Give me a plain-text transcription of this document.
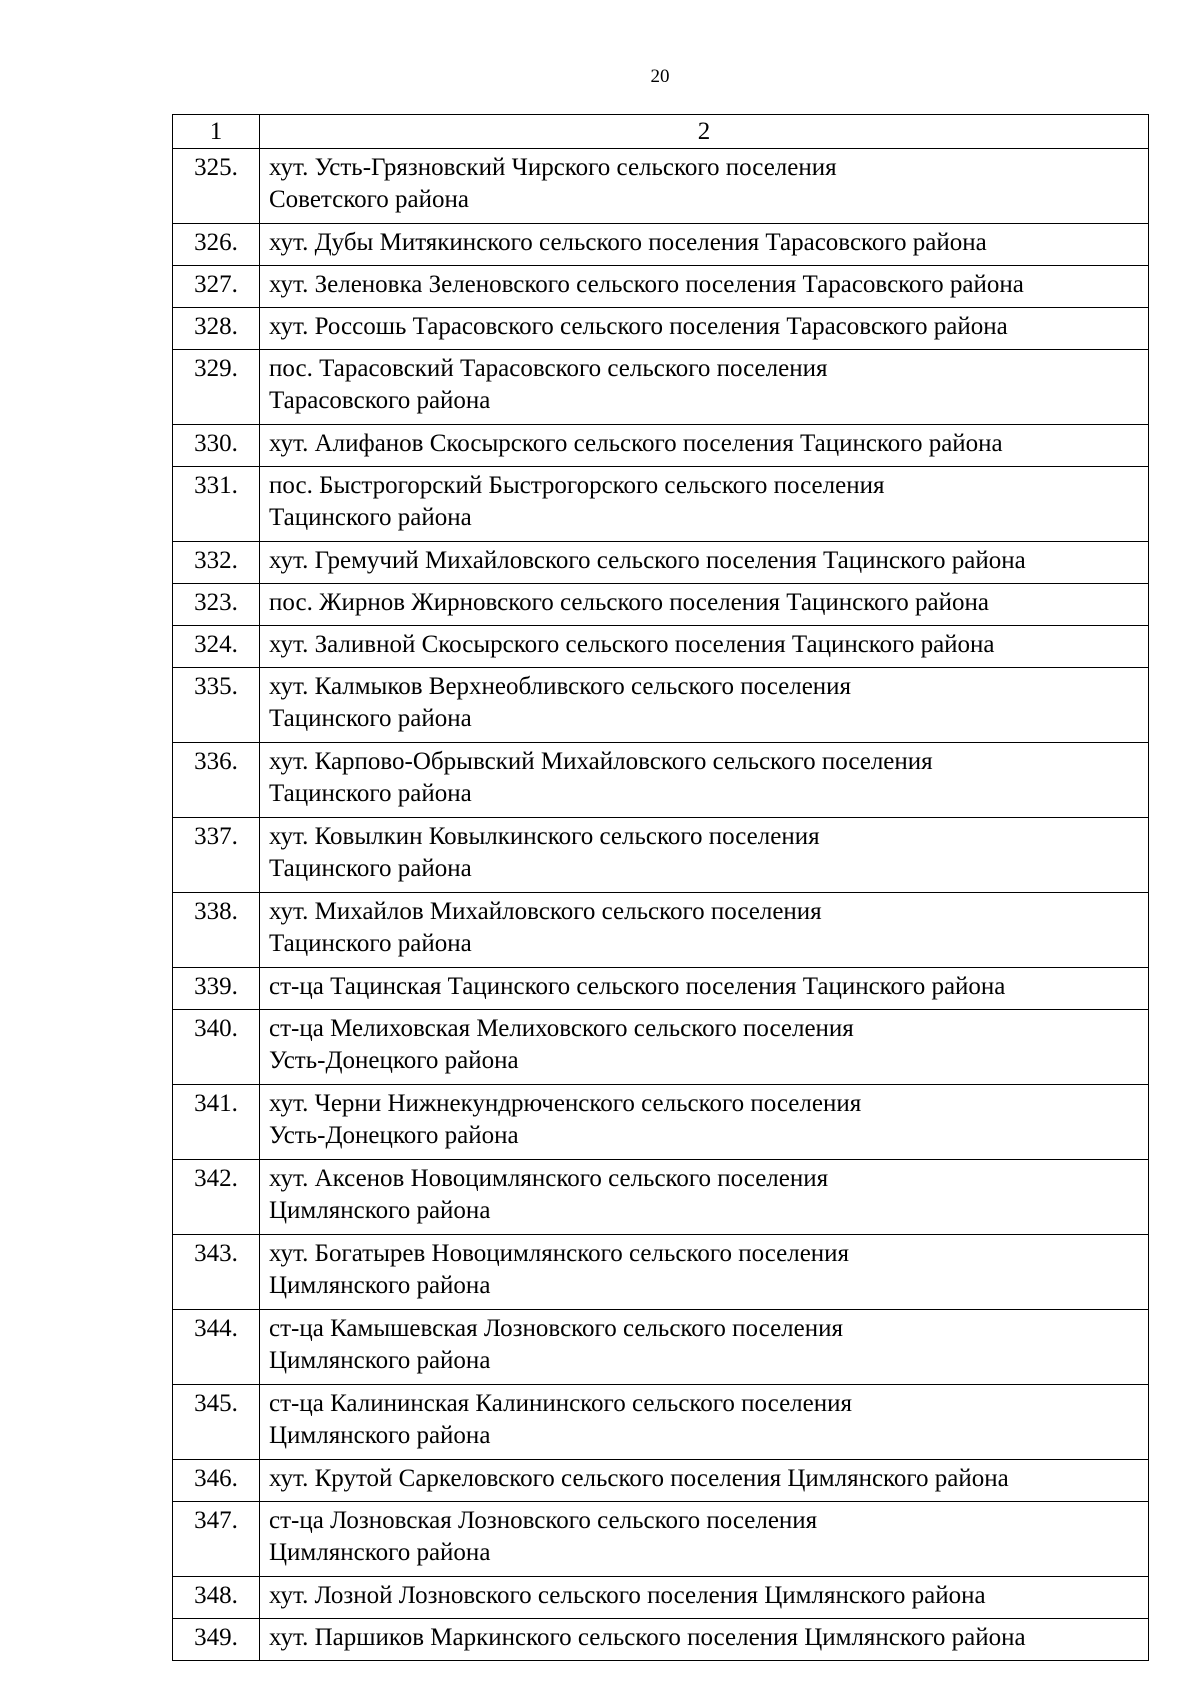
20
1	2
325.	хут. Усть-Грязновский Чирского сельского поселения
Советского района
326.	хут. Дубы Митякинского сельского поселения Тарасовского района
327.	хут. Зеленовка Зеленовского сельского поселения Тарасовского района
328.	хут. Россошь Тарасовского сельского поселения Тарасовского района
329.	пос. Тарасовский Тарасовского сельского поселения
Тарасовского района
330.	хут. Алифанов Скосырского сельского поселения Тацинского района
331.	пос. Быстрогорский Быстрогорского сельского поселения
Тацинского района
332.	хут. Гремучий Михайловского сельского поселения Тацинского района
323.	пос. Жирнов Жирновского сельского поселения Тацинского района
324.	хут. Заливной Скосырского сельского поселения Тацинского района
335.	хут. Калмыков Верхнеобливского сельского поселения
Тацинского района
336.	хут. Карпово-Обрывский Михайловского сельского поселения
Тацинского района
337.	хут. Ковылкин Ковылкинского сельского поселения
Тацинского района
338.	хут. Михайлов Михайловского сельского поселения
Тацинского района
339.	ст-ца Тацинская Тацинского сельского поселения Тацинского района
340.	ст-ца Мелиховская Мелиховского сельского поселения
Усть-Донецкого района
341.	хут. Черни Нижнекундрюченского сельского поселения
Усть-Донецкого района
342.	хут. Аксенов Новоцимлянского сельского поселения
Цимлянского района
343.	хут. Богатырев Новоцимлянского сельского поселения
Цимлянского района
344.	ст-ца Камышевская Лозновского сельского поселения
Цимлянского района
345.	ст-ца Калининская Калининского сельского поселения
Цимлянского района
346.	хут. Крутой Саркеловского сельского поселения Цимлянского района
347.	ст-ца Лозновская Лозновского сельского поселения
Цимлянского района
348.	хут. Лозной Лозновского сельского поселения Цимлянского района
349.	хут. Паршиков Маркинского сельского поселения Цимлянского района
